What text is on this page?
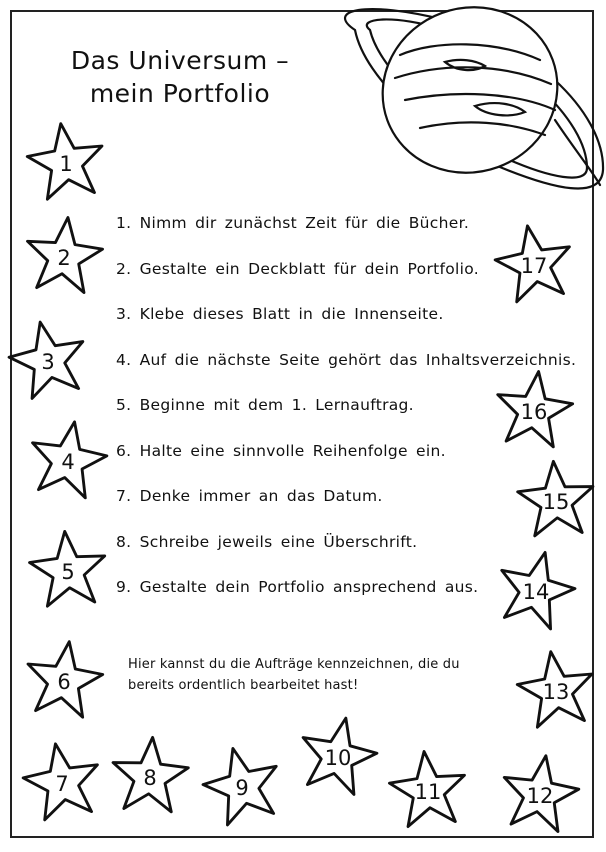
Das Universum –
mein Portfolio
1. Nimm dir zunächst Zeit für die Bücher.
2. Gestalte ein Deckblatt für dein Portfolio.
3. Klebe dieses Blatt in die Innenseite.
4. Auf die nächste Seite gehört das Inhaltsverzeichnis.
5. Beginne mit dem 1. Lernauftrag.
6. Halte eine sinnvolle Reihenfolge ein.
7. Denke immer an das Datum.
8. Schreibe jeweils eine Überschrift.
9. Gestalte dein Portfolio ansprechend aus.
Hier kannst du die Aufträge kennzeichnen, die du
bereits ordentlich bearbeitet hast!
1
2
3
4
5
6
7	8	9
10
11	12
13
14
15
16
17
